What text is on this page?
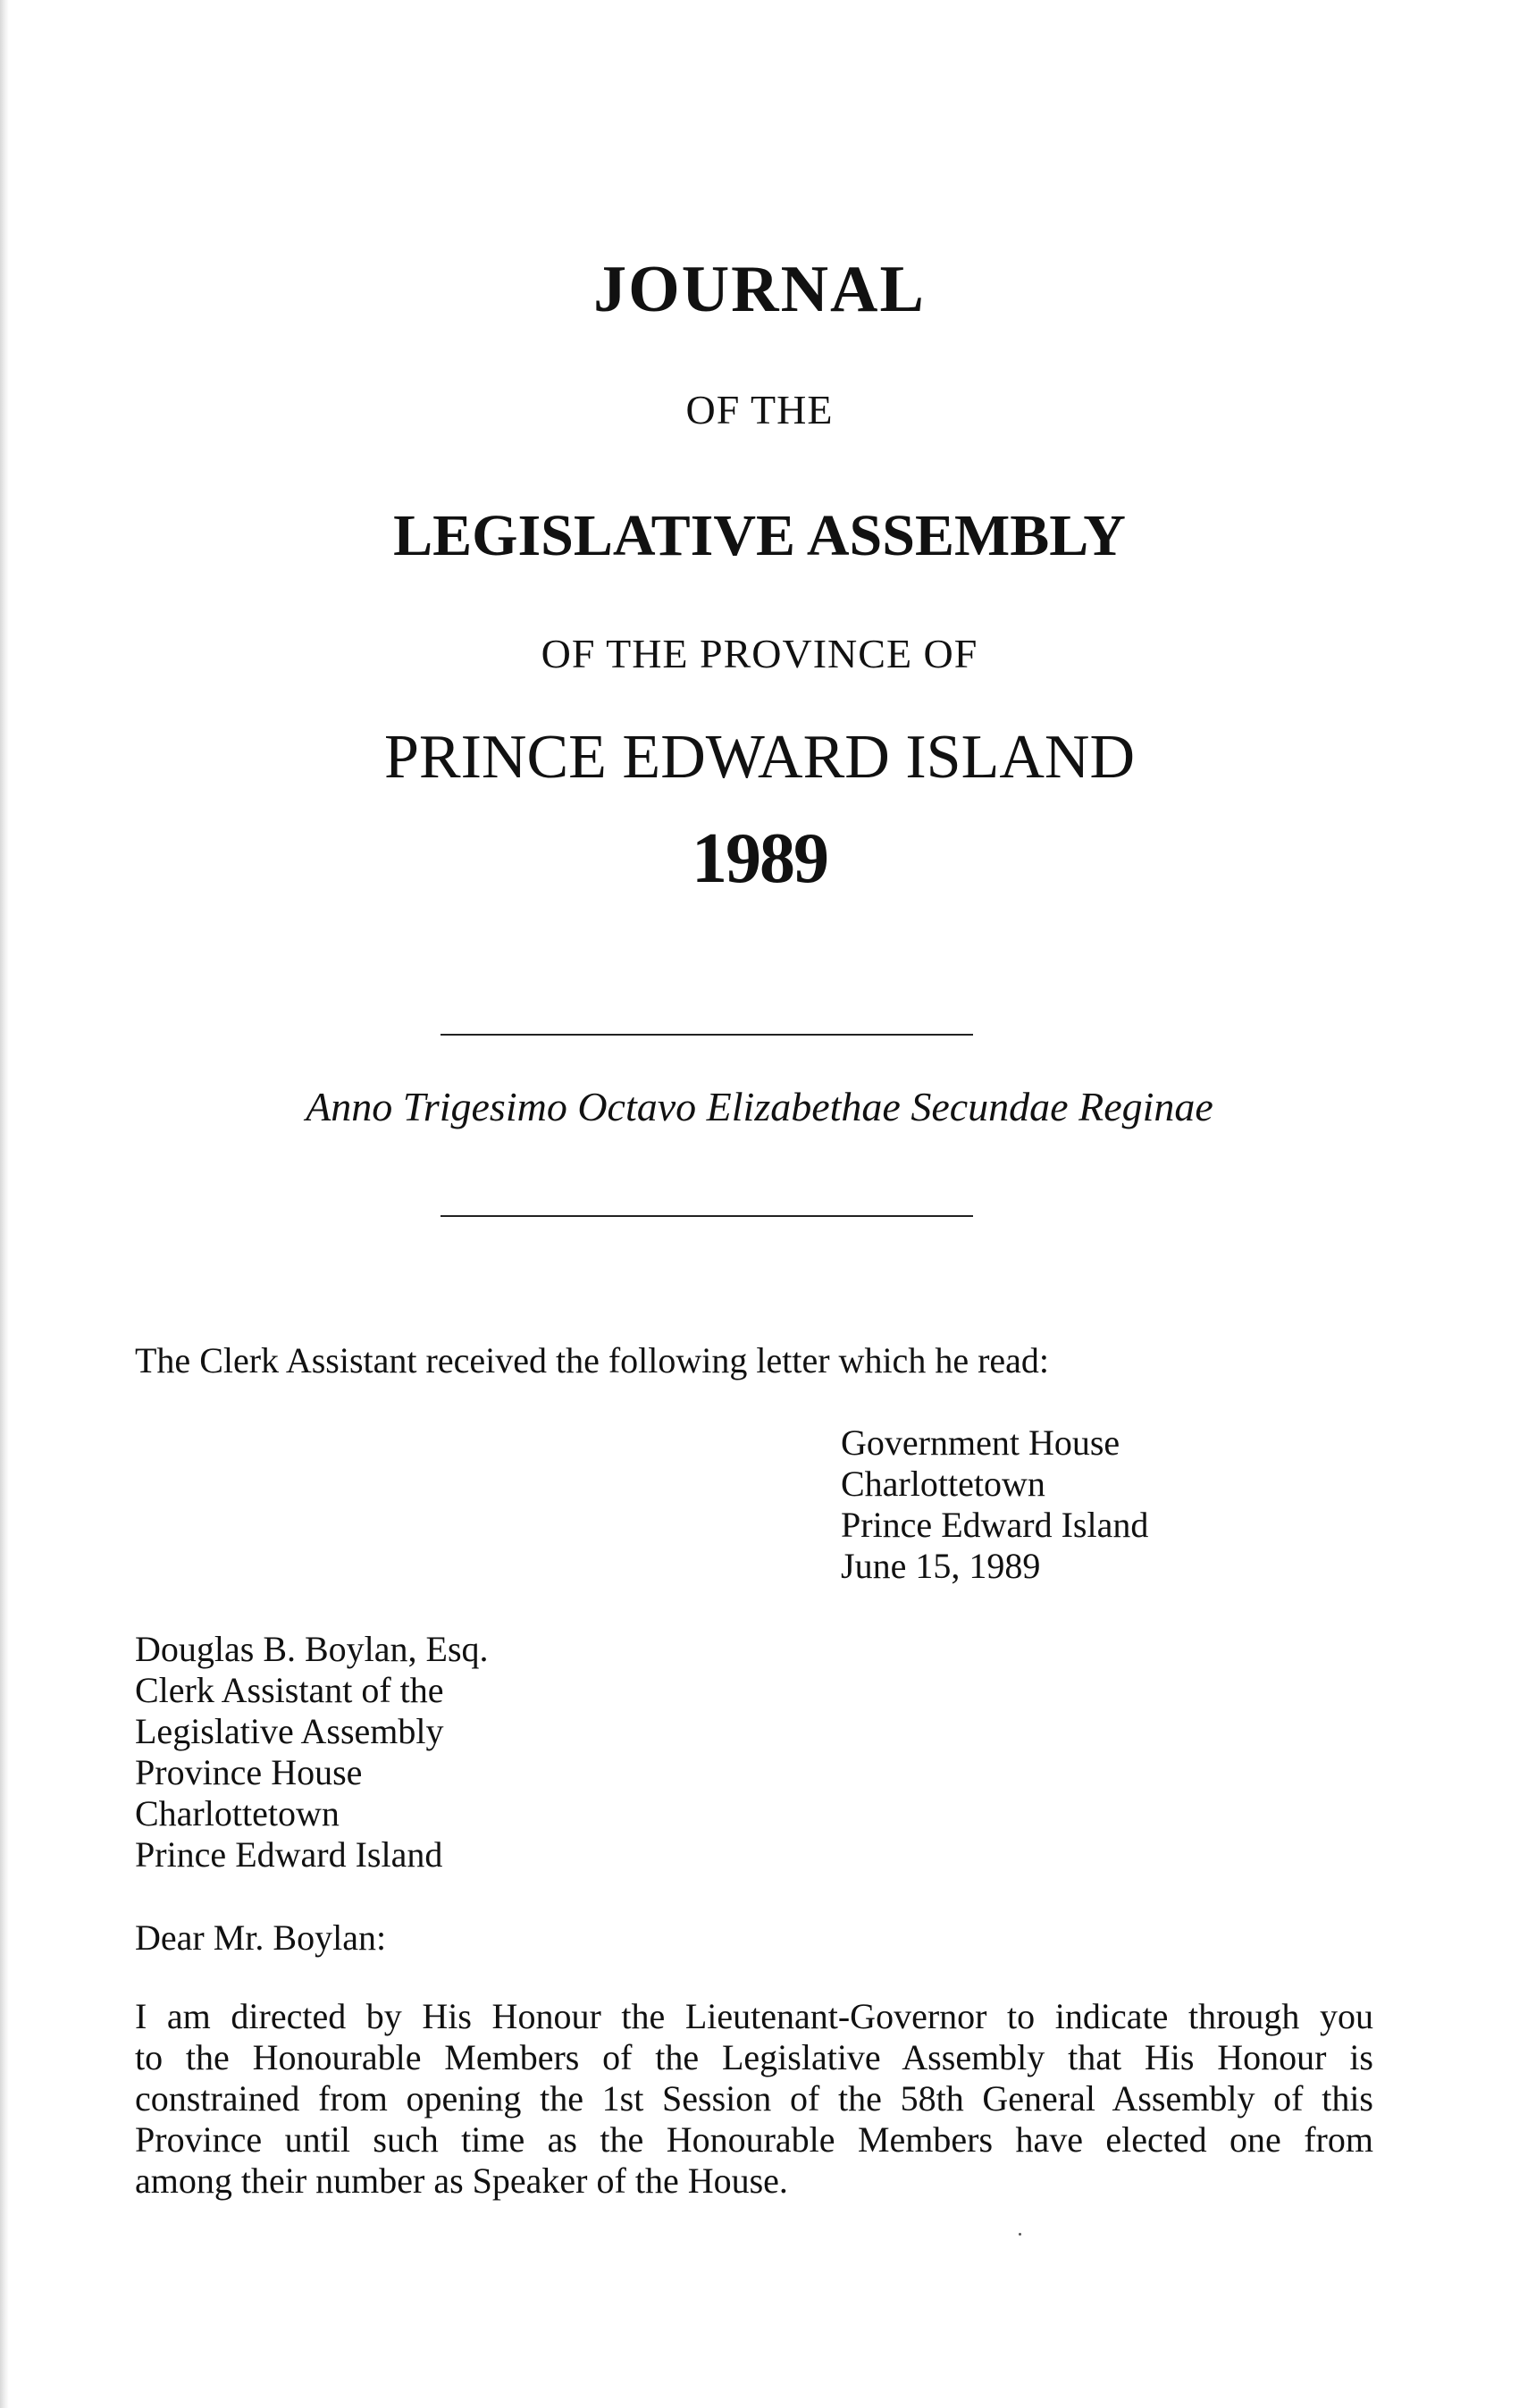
JOURNAL

OF THE

LEGISLATIVE ASSEMBLY

OF THE PROVINCE OF

PRINCE EDWARD ISLAND
1989

Anno Trigesimo Octavo Elizabethae Secundae Reginae

The Clerk Assistant received the following letter which he read:

Government House

Charlottetown

Prince Edward Island

June 15, 1989

Douglas B. Boylan, Esq.

Clerk Assistant of the

Legislative Assembly

Province House

Charlottetown

Prince Edward Island

Dear Mr. Boylan:

I am directed by His Honour the Lieutenant-Governor to indicate through you
to the Honourable Members of the Legislative Assembly that His Honour is
constrained from opening the 1st Session of the 58th General Assembly of this
Province until such time as the Honourable Members have elected one from
among their number as Speaker of the House.
